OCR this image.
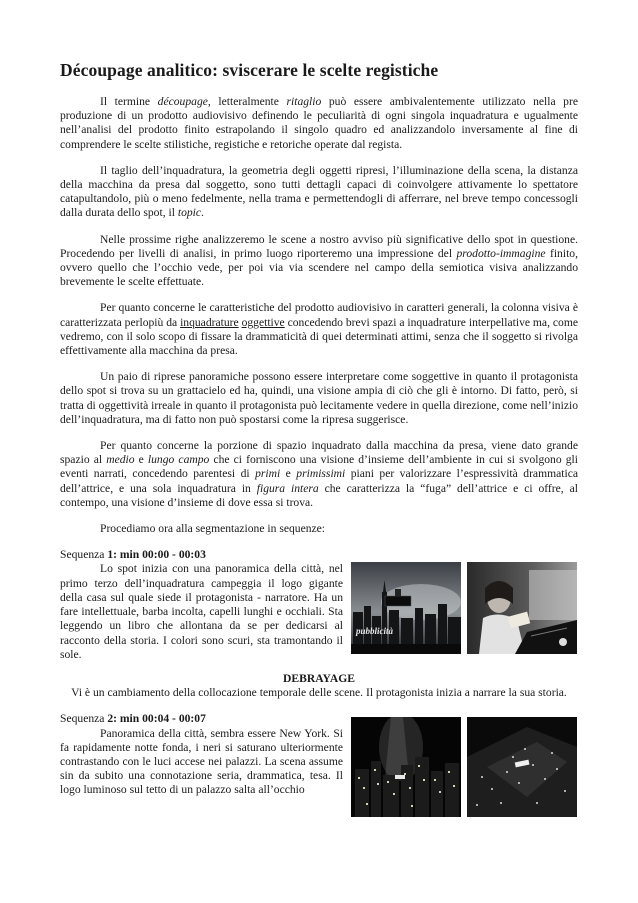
Découpage analitico: sviscerare le scelte registiche

Il termine découpage, letteralmente ritaglio può essere ambivalentemente utilizzato nella pre produzione di un prodotto audiovisivo definendo le peculiarità di ogni singola inquadratura e ugualmente nell’analisi del prodotto finito estrapolando il singolo quadro ed analizzandolo inversamente al fine di comprendere le scelte stilistiche, registiche e retoriche operate dal regista.

Il taglio dell’inquadratura, la geometria degli oggetti ripresi, l’illuminazione della scena, la distanza della macchina da presa dal soggetto, sono tutti dettagli capaci di coinvolgere attivamente lo spettatore catapultandolo, più o meno fedelmente, nella trama e permettendogli di afferrare, nel breve tempo concessogli dalla durata dello spot, il topic.

Nelle prossime righe analizzeremo le scene a nostro avviso più significative dello spot in questione. Procedendo per livelli di analisi, in primo luogo riporteremo una impressione del prodotto-immagine finito, ovvero quello che l’occhio vede, per poi via via scendere nel campo della semiotica visiva analizzando brevemente le scelte effettuate.

Per quanto concerne le caratteristiche del prodotto audiovisivo in caratteri generali, la colonna visiva è caratterizzata perlopiù da inquadrature oggettive concedendo brevi spazi a inquadrature interpellative ma, come vedremo, con il solo scopo di fissare la drammaticità di quei determinati attimi, senza che il soggetto si rivolga effettivamente alla macchina da presa.

Un paio di riprese panoramiche possono essere interpretare come soggettive in quanto il protagonista dello spot si trova su un grattacielo ed ha, quindi, una visione ampia di ciò che gli è intorno. Di fatto, però, si tratta di oggettività irreale in quanto il protagonista può lecitamente vedere in quella direzione, come nell’inizio dell’inquadratura, ma di fatto non può spostarsi come la ripresa suggerisce.

Per quanto concerne la porzione di spazio inquadrato dalla macchina da presa, viene dato grande spazio al medio e lungo campo che ci forniscono una visione d’insieme dell’ambiente in cui si svolgono gli eventi narrati, concedendo parentesi di primi e primissimi piani per valorizzare l’espressività drammatica dell’attrice, e una sola inquadratura in figura intera che caratterizza la “fuga” dell’attrice e ci offre, al contempo, una visione d’insieme di dove essa si trova.

Procediamo ora alla segmentazione in sequenze:

Sequenza 1: min 00:00 - 00:03
Lo spot inizia con una panoramica della città, nel primo terzo dell’inquadratura campeggia il logo gigante della casa sul quale siede il protagonista - narratore. Ha un fare intellettuale, barba incolta, capelli lunghi e occhiali. Sta leggendo un libro che allontana da se per dedicarsi al racconto della storia. I colori sono scuri, sta tramontando il sole.
pubblicità
DEBRAYAGE
Vi è un cambiamento della collocazione temporale delle scene. Il protagonista inizia a narrare la sua storia.
Sequenza 2: min 00:04 - 00:07
Panoramica della città, sembra essere New York. Si fa rapidamente notte fonda, i neri si saturano ulteriormente contrastando con le luci accese nei palazzi. La scena assume sin da subito una connotazione seria, drammatica, tesa. Il logo luminoso sul tetto di un palazzo salta all’occhio
